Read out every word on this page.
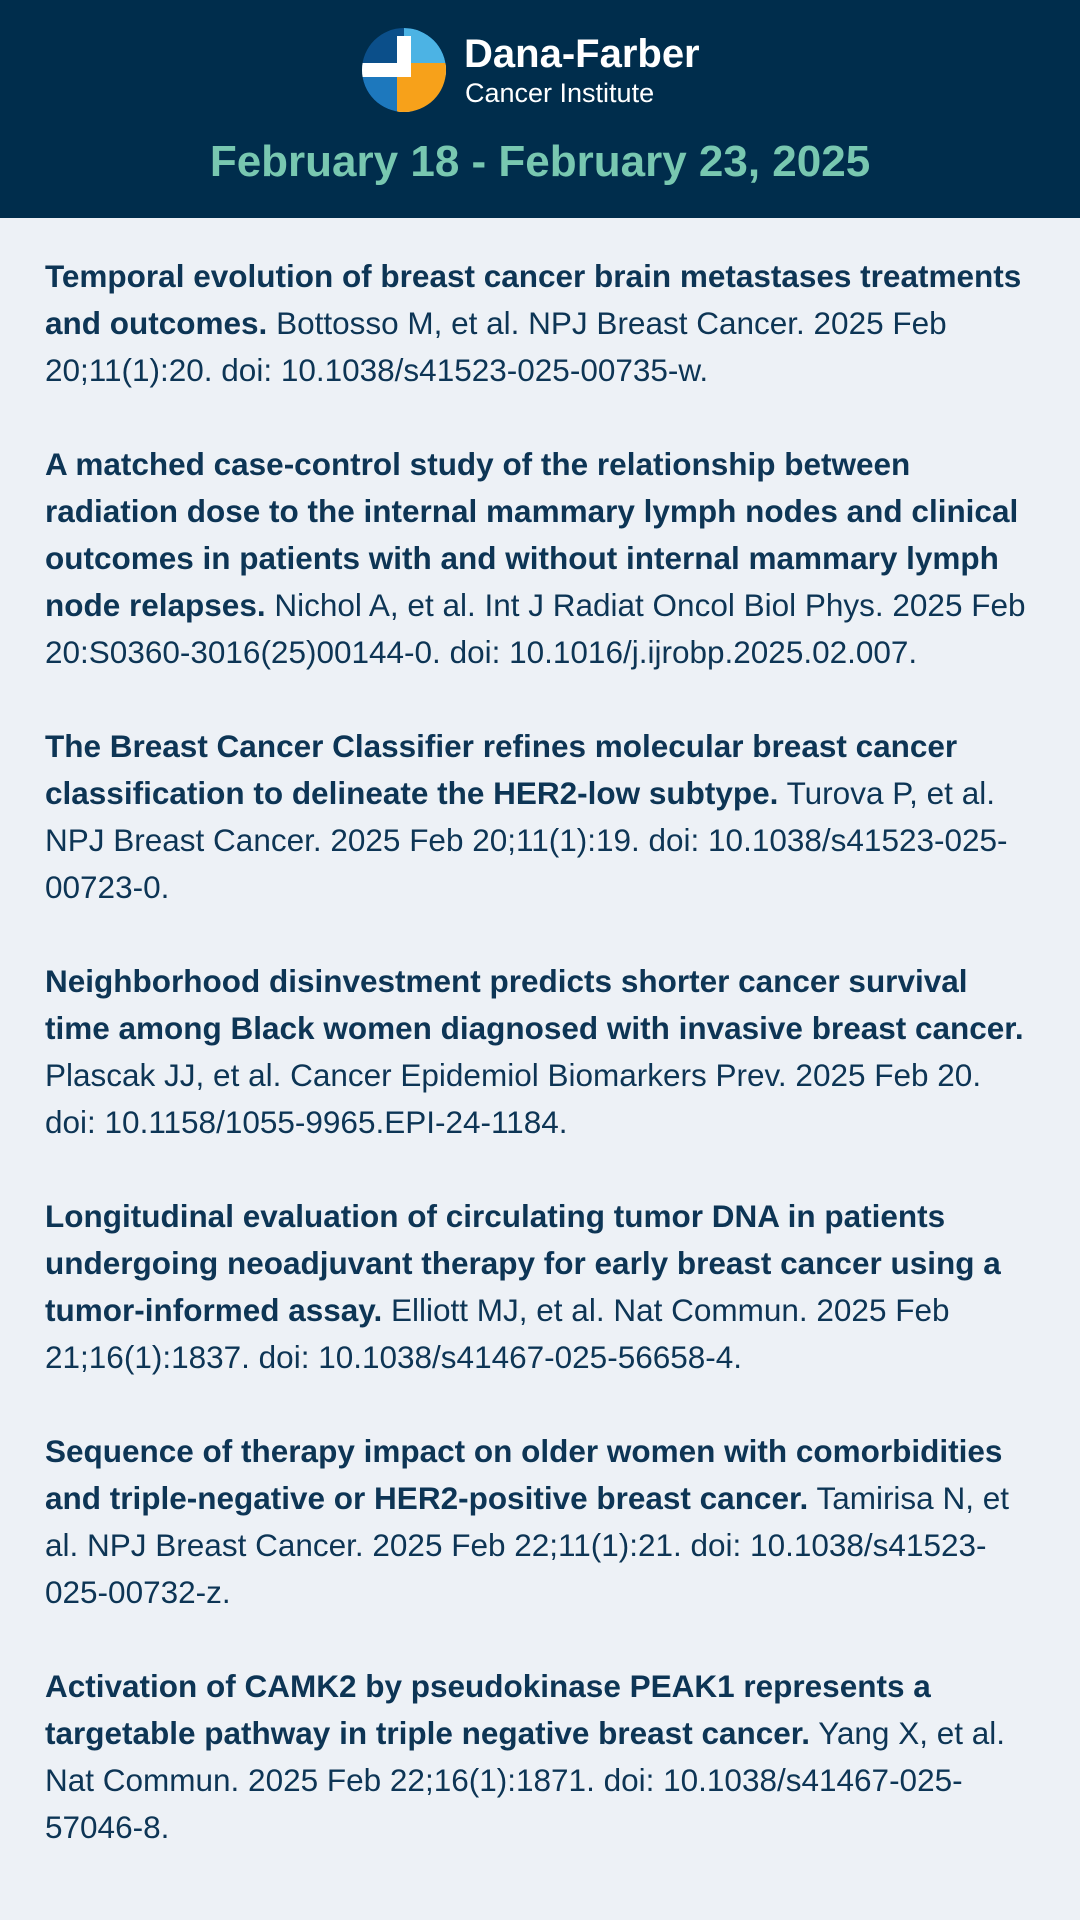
Dana-Farber
Cancer Institute
February 18 - February 23, 2025

Temporal evolution of breast cancer brain metastases treatments and outcomes. Bottosso M, et al. NPJ Breast Cancer. 2025 Feb 20;11(1):20. doi: 10.1038/s41523-025-00735-w.

A matched case-control study of the relationship between radiation dose to the internal mammary lymph nodes and clinical outcomes in patients with and without internal mammary lymph node relapses. Nichol A, et al. Int J Radiat Oncol Biol Phys. 2025 Feb 20:S0360-3016(25)00144-0. doi: 10.1016/j.ijrobp.2025.02.007.

The Breast Cancer Classifier refines molecular breast cancer classification to delineate the HER2-low subtype. Turova P, et al. NPJ Breast Cancer. 2025 Feb 20;11(1):19. doi: 10.1038/s41523-025-00723-0.

Neighborhood disinvestment predicts shorter cancer survival time among Black women diagnosed with invasive breast cancer. Plascak JJ, et al. Cancer Epidemiol Biomarkers Prev. 2025 Feb 20. doi: 10.1158/1055-9965.EPI-24-1184.

Longitudinal evaluation of circulating tumor DNA in patients undergoing neoadjuvant therapy for early breast cancer using a tumor-informed assay. Elliott MJ, et al. Nat Commun. 2025 Feb 21;16(1):1837. doi: 10.1038/s41467-025-56658-4.

Sequence of therapy impact on older women with comorbidities and triple-negative or HER2-positive breast cancer. Tamirisa N, et al. NPJ Breast Cancer. 2025 Feb 22;11(1):21. doi: 10.1038/s41523-025-00732-z.

Activation of CAMK2 by pseudokinase PEAK1 represents a targetable pathway in triple negative breast cancer. Yang X, et al. Nat Commun. 2025 Feb 22;16(1):1871. doi: 10.1038/s41467-025-57046-8.
